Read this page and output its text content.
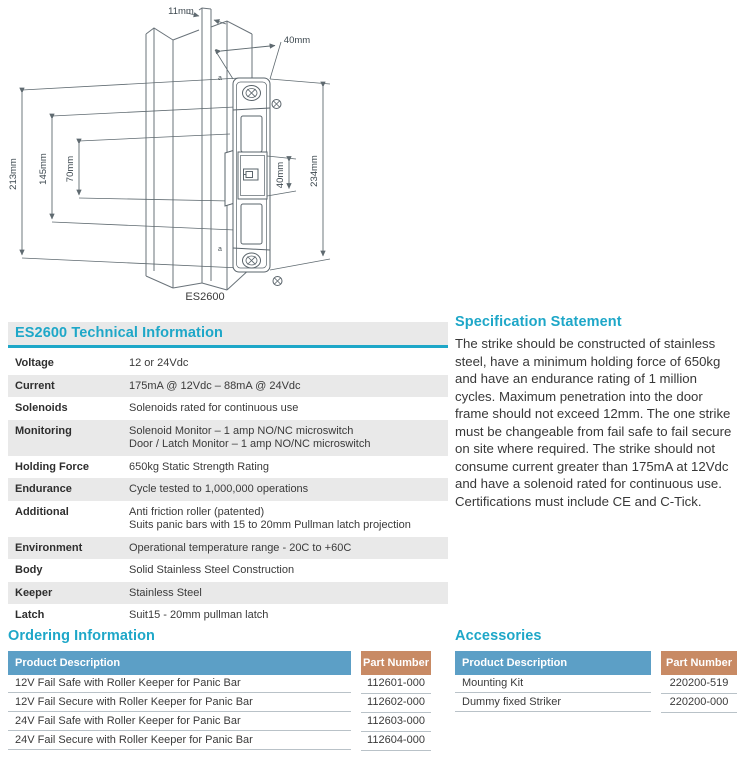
11mm
40mm
213mm 145mm 70mm	40mm 234mm
a
a
ES2600
ES2600 Technical Information
Voltage	12 or 24Vdc
Current	175mA @ 12Vdc – 88mA @ 24Vdc
Solenoids	Solenoids rated for continuous use
Monitoring	Solenoid Monitor – 1 amp NO/NC microswitch
Door / Latch Monitor – 1 amp NO/NC microswitch
Holding Force	650kg Static Strength Rating
Endurance	Cycle tested to 1,000,000 operations
Additional	Anti friction roller (patented)
Suits panic bars with 15 to 20mm Pullman latch projection
Environment	Operational temperature range - 20C to +60C
Body	Solid Stainless Steel Construction
Keeper	Stainless Steel
Latch	Suit15 - 20mm pullman latch
Specification Statement
The strike should be constructed of stainless steel, have a minimum holding force of 650kg and have an endurance rating of 1 million cycles. Maximum penetration into the door frame should not exceed 12mm. The one strike must be changeable from fail safe to fail secure on site where required. The strike should not consume current greater than 175mA at 12Vdc and have a solenoid rated for continuous use. Certifications must include CE and C-Tick.
Ordering Information
Product Description	Part Number
12V Fail Safe with Roller Keeper for Panic Bar	112601-000
12V Fail Secure with Roller Keeper for Panic Bar	112602-000
24V Fail Safe with Roller Keeper for Panic Bar	112603-000
24V Fail Secure with Roller Keeper for Panic Bar	112604-000
Accessories
Product Description	Part Number
Mounting Kit	220200-519
Dummy fixed Striker	220200-000
